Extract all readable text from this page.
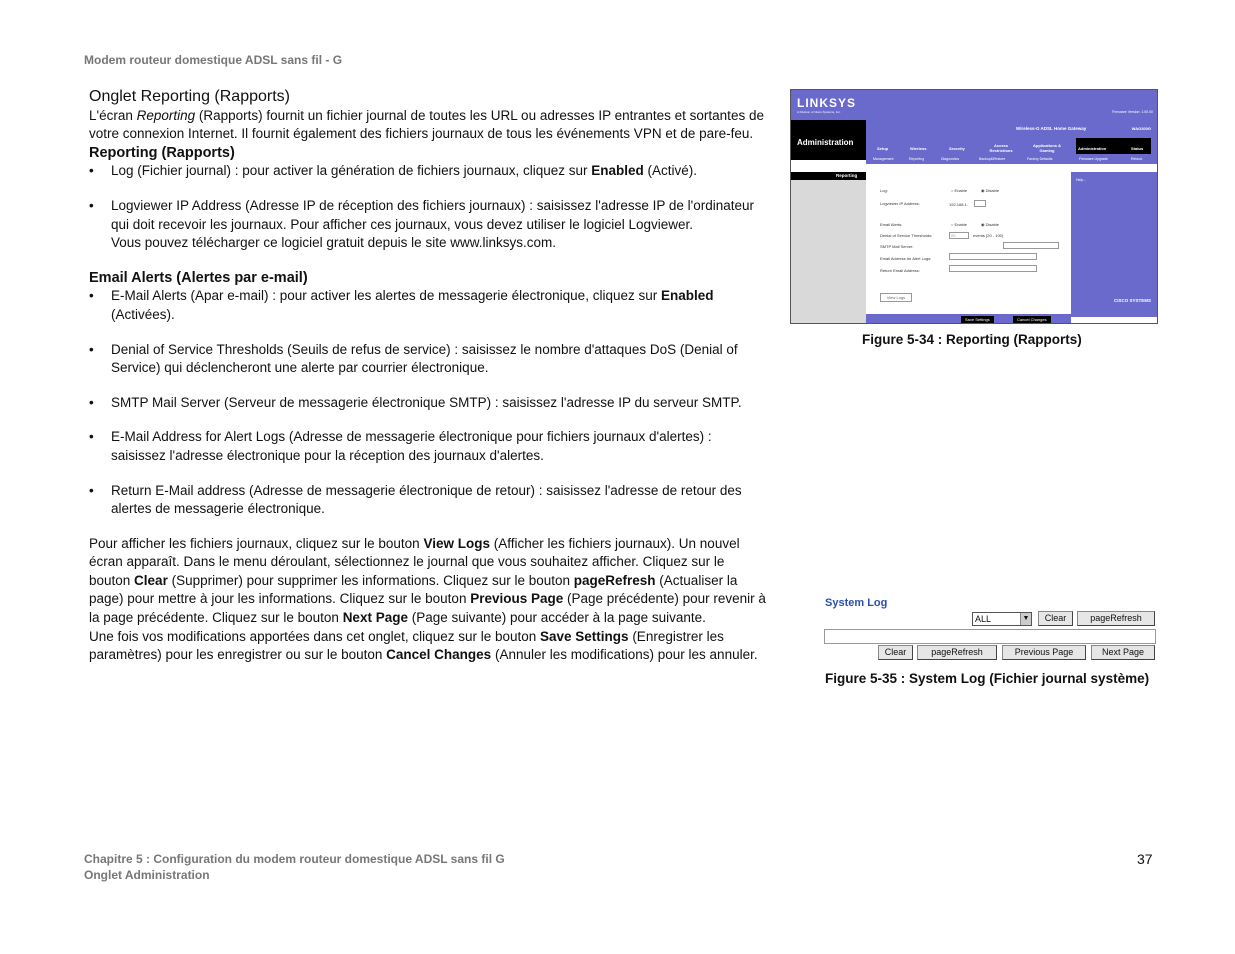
Modem routeur domestique ADSL sans fil - G

Onglet Reporting (Rapports)

L'écran Reporting (Rapports) fournit un fichier journal de toutes les URL ou adresses IP entrantes et sortantes de votre connexion Internet. Il fournit également des fichiers journaux de tous les événements VPN et de pare-feu.

Reporting (Rapports)

• Log (Fichier journal) : pour activer la génération de fichiers journaux, cliquez sur Enabled (Activé).
• Logviewer IP Address (Adresse IP de réception des fichiers journaux) : saisissez l'adresse IP de l'ordinateur qui doit recevoir les journaux. Pour afficher ces journaux, vous devez utiliser le logiciel Logviewer.
Vous pouvez télécharger ce logiciel gratuit depuis le site www.linksys.com.

Email Alerts (Alertes par e-mail)

• E-Mail Alerts (Apar e-mail) : pour activer les alertes de messagerie électronique, cliquez sur Enabled (Activées).
• Denial of Service Thresholds (Seuils de refus de service) : saisissez le nombre d'attaques DoS (Denial of Service) qui déclencheront une alerte par courrier électronique.
• SMTP Mail Server (Serveur de messagerie électronique SMTP) : saisissez l'adresse IP du serveur SMTP.
• E-Mail Address for Alert Logs (Adresse de messagerie électronique pour fichiers journaux d'alertes) : saisissez l'adresse électronique pour la réception des journaux d'alertes.
• Return E-Mail address (Adresse de messagerie électronique de retour) : saisissez l'adresse de retour des alertes de messagerie électronique.

Pour afficher les fichiers journaux, cliquez sur le bouton View Logs (Afficher les fichiers journaux). Un nouvel écran apparaît. Dans le menu déroulant, sélectionnez le journal que vous souhaitez afficher. Cliquez sur le bouton Clear (Supprimer) pour supprimer les informations. Cliquez sur le bouton pageRefresh (Actualiser la page) pour mettre à jour les informations. Cliquez sur le bouton Previous Page (Page précédente) pour revenir à la page précédente. Cliquez sur le bouton Next Page (Page suivante) pour accéder à la page suivante.

Une fois vos modifications apportées dans cet onglet, cliquez sur le bouton Save Settings (Enregistrer les paramètres) pour les enregistrer ou sur le bouton Cancel Changes (Annuler les modifications) pour les annuler.

LINKSYS
A Division of Cisco Systems, Inc.	Firmware Version: 1.00.00
Administration
Wireless-G ADSL Home Gateway	WAG200G
Setup	Wireless	Security
Access Restrictions
Applications & Gaming	Administration	Status
Management	Reporting	Diagnostics	Backup&Restore	Factory Defaults	Firmware Upgrade	Reboot
Reporting
Help...
Log:	○ Enable	◉ Disable
Logviewer IP Address:	192.168.1.
Email Alerts:	○ Enable	◉ Disable
Denial of Service Thresholds:	20	events (20 - 100)
SMTP Mail Server:
Email Address for Alert Logs:
Return Email Address:
View Logs
Save Settings	Cancel Changes
CISCO SYSTEMS
Figure 5-34 : Reporting (Rapports)
System Log
ALL	▼	Clear	pageRefresh
Clear	pageRefresh	Previous Page	Next Page
Figure 5-35 : System Log (Fichier journal système)
Chapitre 5 : Configuration du modem routeur domestique ADSL sans fil G
Onglet Administration
37
